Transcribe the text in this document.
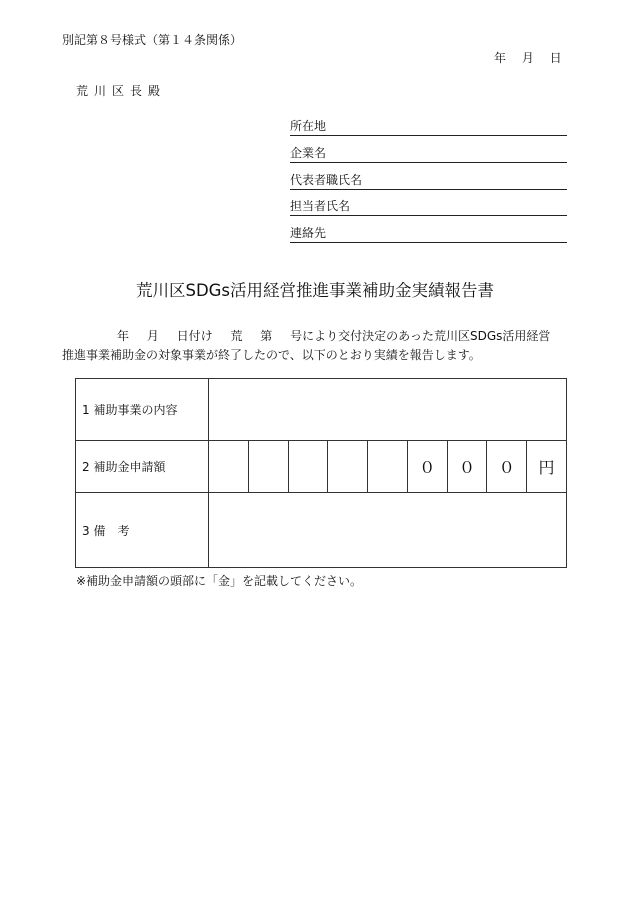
別記第８号様式（第１４条関係）
年 月 日
荒川区長殿
所在地
企業名
代表者職氏名
担当者氏名
連絡先
荒川区SDGs活用経営推進事業補助金実績報告書
年 月 日付け 荒 第 号により交付決定のあった荒川区SDGs活用経営
推進事業補助金の対象事業が終了したので、以下のとおり実績を報告します。
1 補助事業の内容									
2 補助金申請額						０	０	０	円
3 備　考									
※補助金申請額の頭部に「金」を記載してください。
